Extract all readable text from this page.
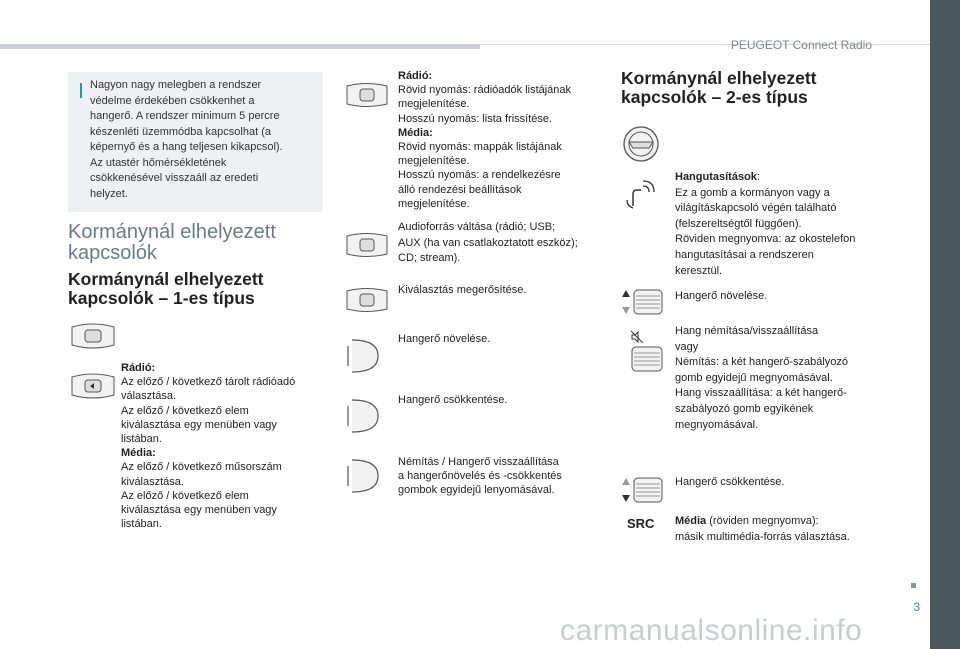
PEUGEOT Connect Radio
3
Nagyon nagy melegben a rendszer
védelme érdekében csökkenhet a
hangerő. A rendszer minimum 5 percre
készenléti üzemmódba kapcsolhat (a
képernyő és a hang teljesen kikapcsol).
Az utastér hőmérsékletének
csökkenésével visszaáll az eredeti
helyzet.
Kormánynál elhelyezett
kapcsolók
Kormánynál elhelyezett
kapcsolók – 1-es típus
Rádió:
Az előző / következő tárolt rádióadó
választása.
Az előző / következő elem
kiválasztása egy menüben vagy
listában.
Média:
Az előző / következő műsorszám
kiválasztása.
Az előző / következő elem
kiválasztása egy menüben vagy
listában.
Rádió:
Rövid nyomás: rádióadók listájának
megjelenítése.
Hosszú nyomás: lista frissítése.
Média:
Rövid nyomás: mappák listájának
megjelenítése.
Hosszú nyomás: a rendelkezésre
álló rendezési beállítások
megjelenítése.
Audioforrás váltása (rádió; USB;
AUX (ha van csatlakoztatott eszköz);
CD; stream).
Kiválasztás megerősítése.
Hangerő növelése.
Hangerő csökkentése.
Némítás / Hangerő visszaállítása
a hangerőnövelés és -csökkentés
gombok egyidejű lenyomásával.
Kormánynál elhelyezett
kapcsolók – 2-es típus
SRC
Hangutasítások:
Ez a gomb a kormányon vagy a
világításkapcsoló végén található
(felszereltségtől függően).
Röviden megnyomva: az okostelefon
hangutasításai a rendszeren
keresztül.
Hangerő növelése.
Hang némítása/visszaállítása
vagy
Némítás: a két hangerő-szabályozó
gomb egyidejű megnyomásával.
Hang visszaállítása: a két hangerő-
szabályozó gomb egyikének
megnyomásával.
Hangerő csökkentése.
Média (röviden megnyomva):
másik multimédia-forrás választása.
carmanualsonline.info
